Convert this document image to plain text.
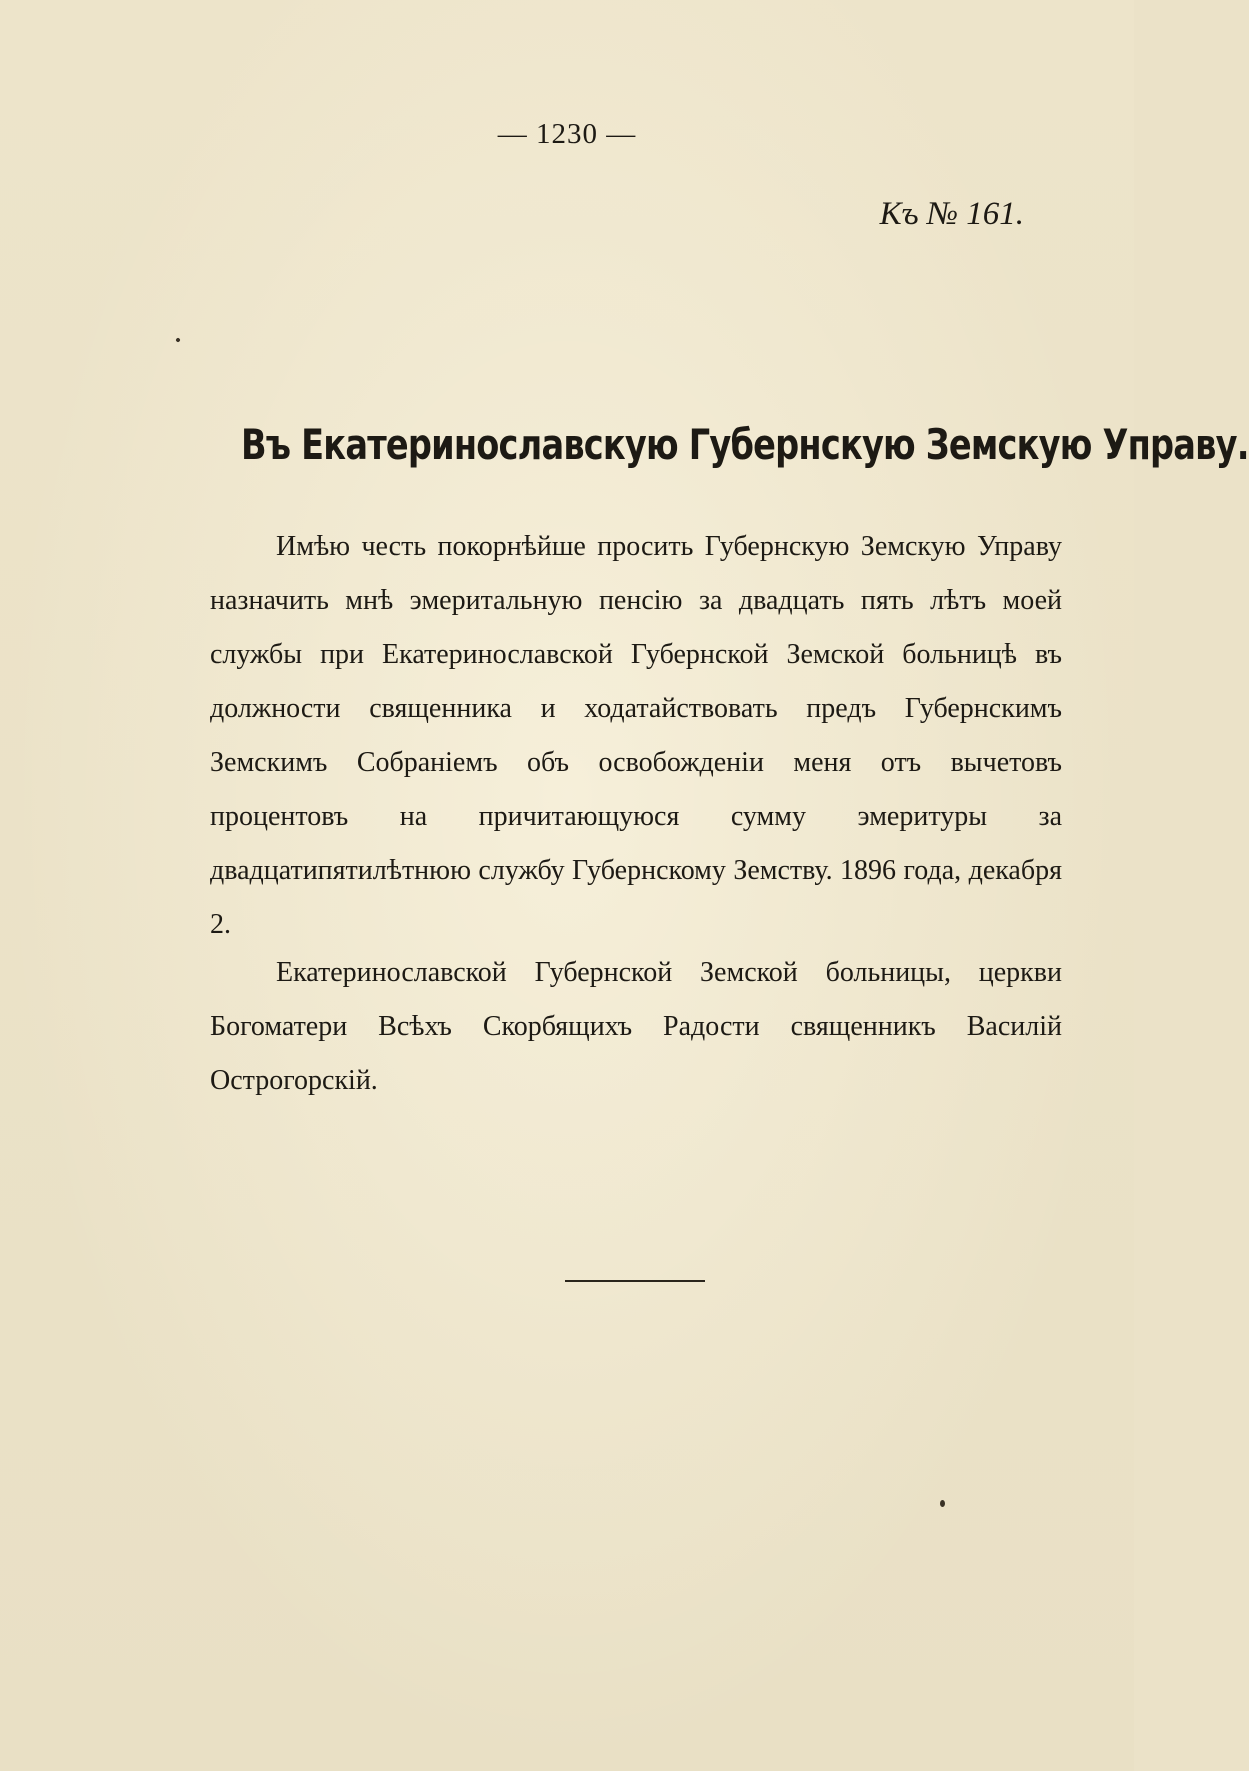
— 1230 —
Къ № 161.
Въ Екатеринославскую Губернскую Земскую Управу.

Имѣю честь покорнѣйше просить Губернскую Земскую Управу назначить мнѣ эмеритальную пенсію за двадцать пять лѣтъ моей службы при Екатеринославской Губернской Земской больницѣ въ должности священника и ходатайствовать предъ Губернскимъ Земскимъ Собраніемъ объ освобожденіи меня отъ вычетовъ процентовъ на причитающуюся сумму эмеритуры за двадцатипятилѣтнюю службу Губернскому Земству. 1896 года, декабря 2.

Екатеринославской Губернской Земской больницы, церкви Богоматери Всѣхъ Скорбящихъ Радости священникъ Василій Острогорскій.
